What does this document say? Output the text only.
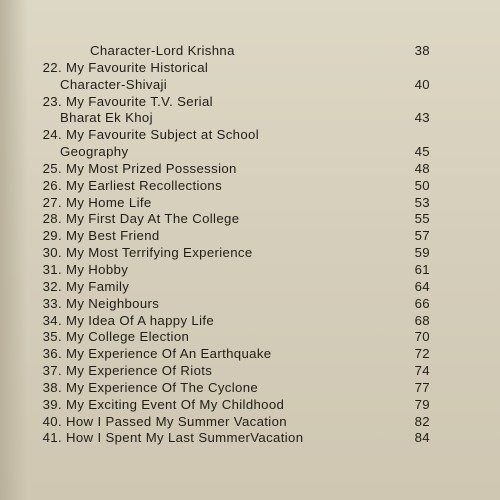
Character-Lord Krishna	38
22. My Favourite Historical
Character-Shivaji	40
23. My Favourite T.V. Serial
Bharat Ek Khoj	43
24. My Favourite Subject at School
Geography	45
25. My Most Prized Possession	48
26. My Earliest Recollections	50
27. My Home Life	53
28. My First Day At The College	55
29. My Best Friend	57
30. My Most Terrifying Experience	59
31. My Hobby	61
32. My Family	64
33. My Neighbours	66
34. My Idea Of A happy Life	68
35. My College Election	70
36. My Experience Of An Earthquake	72
37. My Experience Of Riots	74
38. My Experience Of The Cyclone	77
39. My Exciting Event Of My Childhood	79
40. How I Passed My Summer Vacation	82
41. How I Spent My Last SummerVacation	84
